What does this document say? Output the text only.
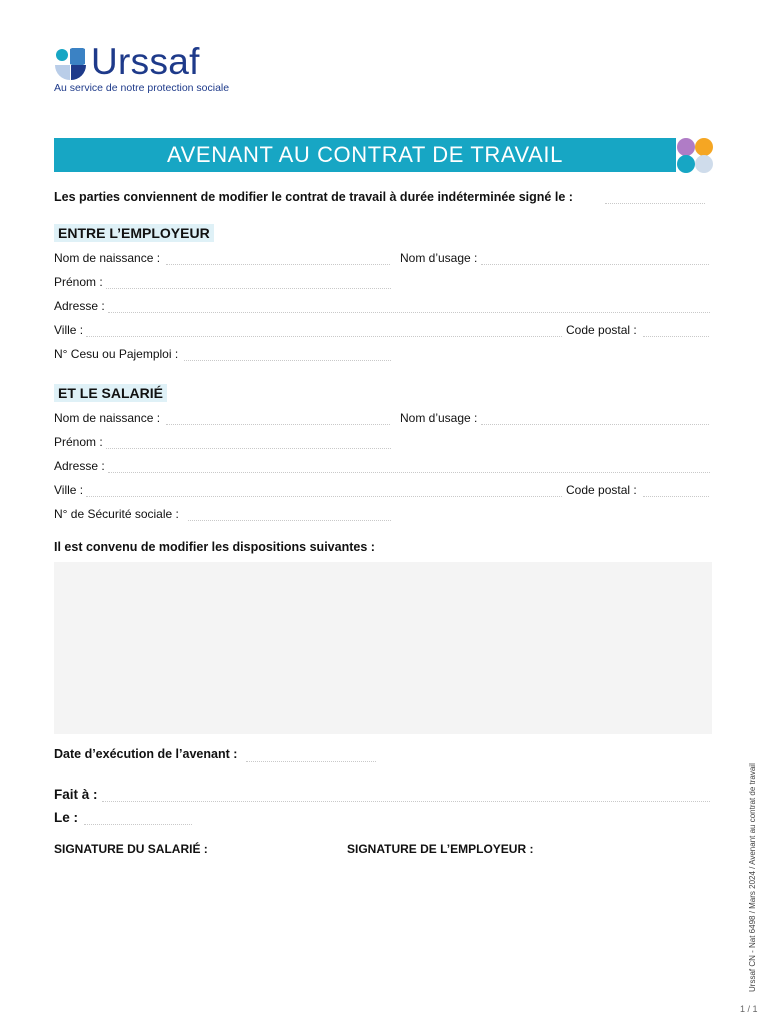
Urssaf
Au service de notre protection sociale
AVENANT AU CONTRAT DE TRAVAIL
Les parties conviennent de modifier le contrat de travail à durée indéterminée signé le :
ENTRE L’EMPLOYEUR
Nom de naissance :	Nom d’usage :
Prénom :
Adresse :
Ville :	Code postal :
N° Cesu ou Pajemploi :
ET LE SALARIÉ
Nom de naissance :	Nom d’usage :
Prénom :
Adresse :
Ville :	Code postal :
N° de Sécurité sociale :
Il est convenu de modifier les dispositions suivantes :
Date d’exécution de l’avenant :
Fait à :
Le :
SIGNATURE DU SALARIÉ :	SIGNATURE DE L’EMPLOYEUR :	Urssaf CN - Nat 6498 / Mars 2024 / Avenant au contrat de travail
1 / 1
